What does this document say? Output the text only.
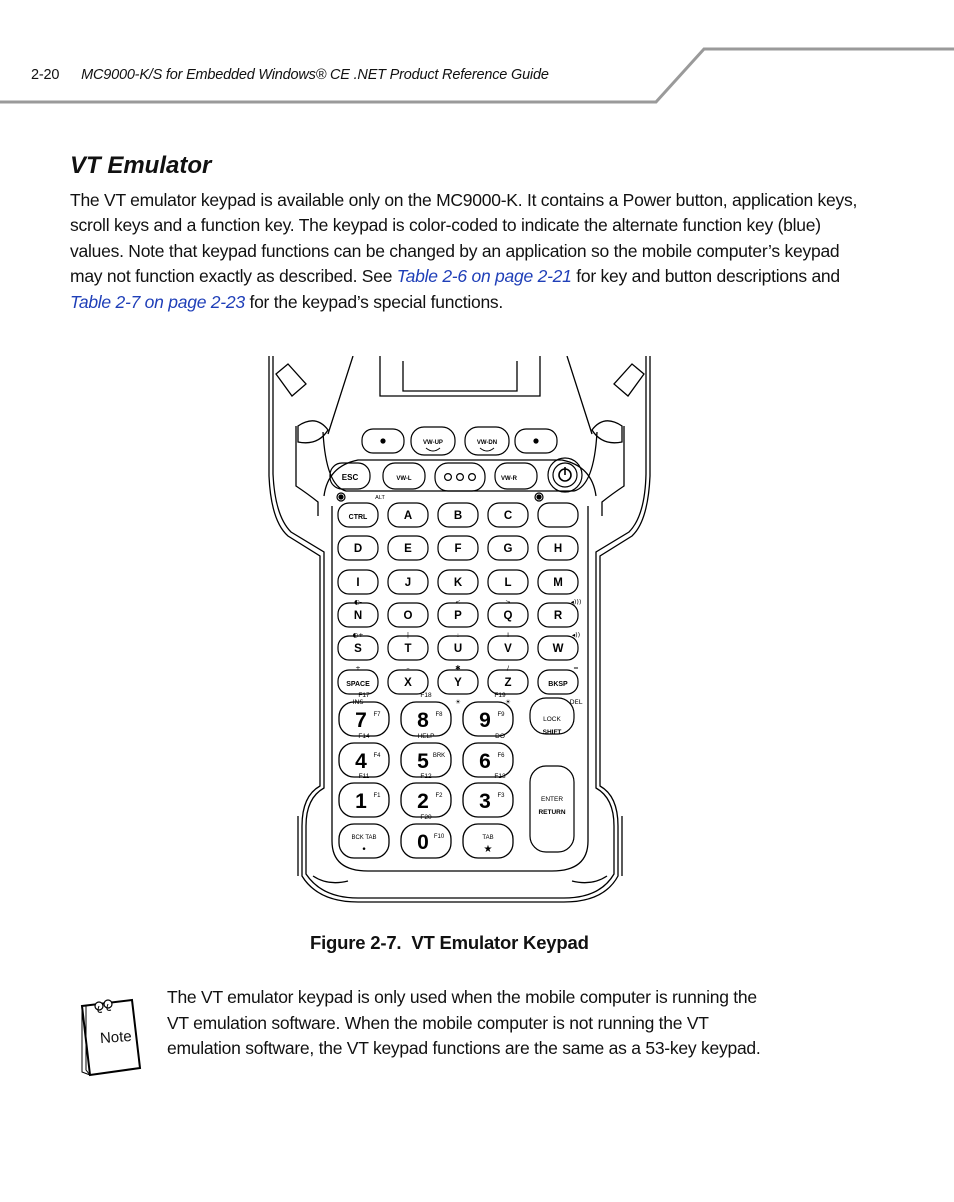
2-20 MC9000-K/S for Embedded Windows® CE .NET Product Reference Guide
VT Emulator

The VT emulator keypad is available only on the MC9000-K. It contains a Power button, application keys, scroll keys and a function key. The keypad is color-coded to indicate the alternate function key (blue) values. Note that keypad functions can be changed by an application so the mobile computer’s keypad may not function exactly as described. See Table 2-6 on page 2-21 for key and button descriptions and Table 2-7 on page 2-23 for the keypad’s special functions.

VW-UP	VW-DN
ESC	VW-L	VW-R
ALT
LOCK
SHIFT
ENTER
RETURN
CTRL	A	B	C
D	E	F	G	H
I	J	K	L	M
◐-	<	>	◂)))
N	O	P	Q	R
◐+	|	:	!	◂))
S	T	U	V	W
+	–	✱	/	=
SPACE	X	Y	Z	BKSP
INS	☀	☀	DEL
F17	F18	F19
7 F7 8 F8 9 F9
F14	HELP	DO
4 F4 5 BRK 6 F6
F11	F12	F13
1 F1 2 F2 3 F3
F20
BCK TAB
• 0 F10	TAB
★

Figure 2-7. VT Emulator Keypad

Note

The VT emulator keypad is only used when the mobile computer is running the VT emulation software. When the mobile computer is not running the VT emulation software, the VT keypad functions are the same as a 53-key keypad.
